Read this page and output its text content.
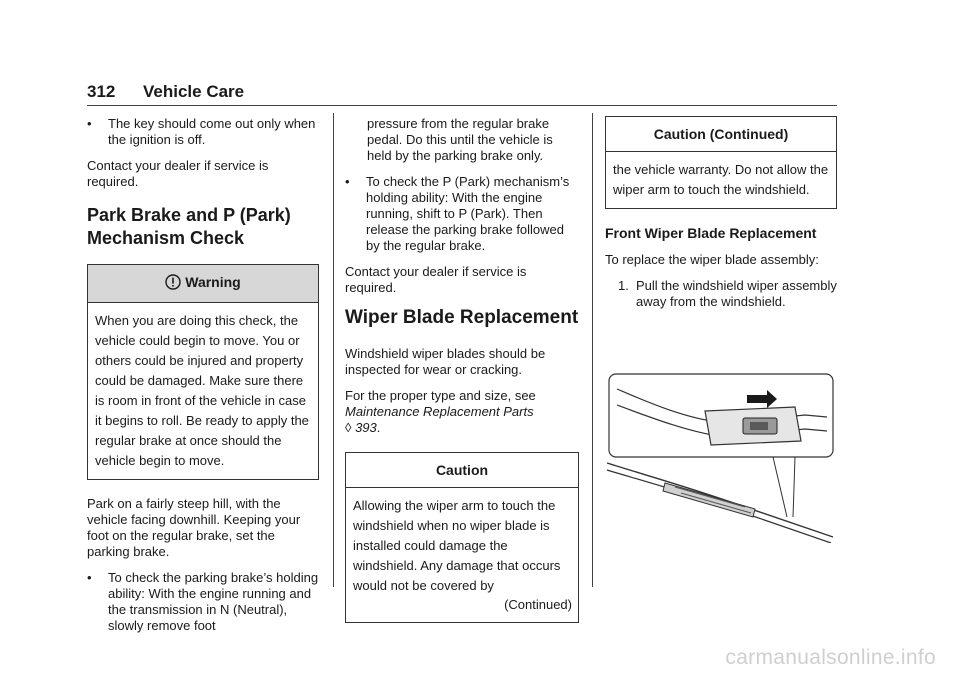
312 Vehicle Care
• The key should come out only when the ignition is off.

Contact your dealer if service is required.

Park Brake and P (Park)
Mechanism Check
Warning
When you are doing this check, the vehicle could begin to move. You or others could be injured and property could be damaged. Make sure there is room in front of the vehicle in case it begins to roll. Be ready to apply the regular brake at once should the vehicle begin to move.

Park on a fairly steep hill, with the vehicle facing downhill. Keeping your foot on the regular brake, set the parking brake.

• To check the parking brake’s holding ability: With the engine running and the transmission in N (Neutral), slowly remove foot

pressure from the regular brake pedal. Do this until the vehicle is held by the parking brake only.

• To check the P (Park) mechanism’s holding ability: With the engine running, shift to P (Park). Then release the parking brake followed by the regular brake.

Contact your dealer if service is required.

Wiper Blade Replacement

Windshield wiper blades should be inspected for wear or cracking.

For the proper type and size, see
Maintenance Replacement Parts
◊ 393.

Caution
Allowing the wiper arm to touch the windshield when no wiper blade is installed could damage the windshield. Any damage that occurs would not be covered by
(Continued)
Caution (Continued)
the vehicle warranty. Do not allow the wiper arm to touch the windshield.
Front Wiper Blade Replacement

To replace the wiper blade assembly:

1. Pull the windshield wiper assembly away from the windshield.
carmanualsonline.info
